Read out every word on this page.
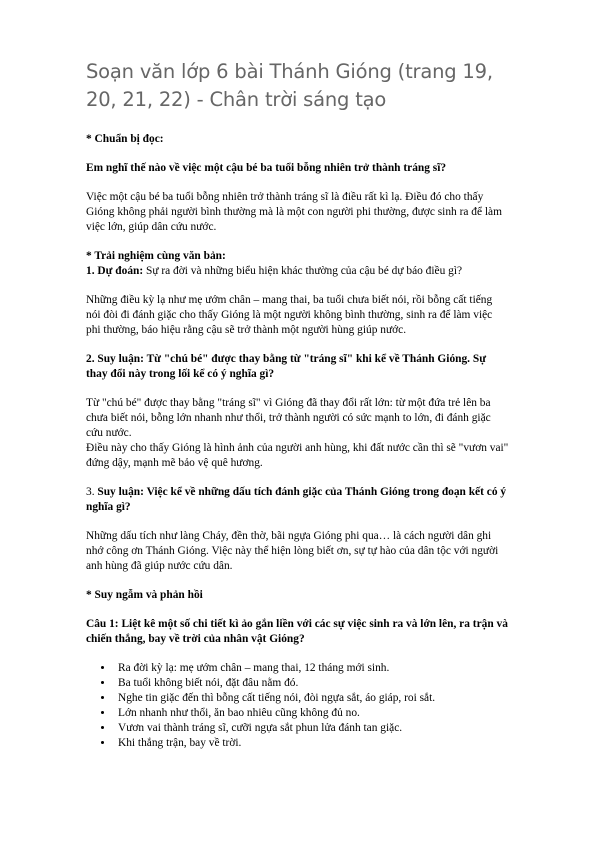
Soạn văn lớp 6 bài Thánh Gióng (trang 19, 20, 21, 22) - Chân trời sáng tạo

* Chuẩn bị đọc:

Em nghĩ thế nào về việc một cậu bé ba tuổi bỗng nhiên trở thành tráng sĩ?

Việc một cậu bé ba tuổi bỗng nhiên trở thành tráng sĩ là điều rất kì lạ. Điều đó cho thấy Gióng không phải người bình thường mà là một con người phi thường, được sinh ra để làm việc lớn, giúp dân cứu nước.

* Trải nghiệm cùng văn bản:

1. Dự đoán: Sự ra đời và những biểu hiện khác thường của cậu bé dự báo điều gì?

Những điều kỳ lạ như mẹ ướm chân – mang thai, ba tuổi chưa biết nói, rồi bỗng cất tiếng nói đòi đi đánh giặc cho thấy Gióng là một người không bình thường, sinh ra để làm việc phi thường, báo hiệu rằng cậu sẽ trở thành một người hùng giúp nước.

2. Suy luận: Từ "chú bé" được thay bằng từ "tráng sĩ" khi kể về Thánh Gióng. Sự thay đổi này trong lối kể có ý nghĩa gì?

Từ "chú bé" được thay bằng "tráng sĩ" vì Gióng đã thay đổi rất lớn: từ một đứa trẻ lên ba chưa biết nói, bỗng lớn nhanh như thổi, trở thành người có sức mạnh to lớn, đi đánh giặc cứu nước.

Điều này cho thấy Gióng là hình ảnh của người anh hùng, khi đất nước cần thì sẽ "vươn vai" đứng dậy, mạnh mẽ bảo vệ quê hương.

3. Suy luận: Việc kể về những dấu tích đánh giặc của Thánh Gióng trong đoạn kết có ý nghĩa gì?

Những dấu tích như làng Cháy, đền thờ, bãi ngựa Gióng phi qua… là cách người dân ghi nhớ công ơn Thánh Gióng. Việc này thể hiện lòng biết ơn, sự tự hào của dân tộc với người anh hùng đã giúp nước cứu dân.

* Suy ngẫm và phản hồi

Câu 1: Liệt kê một số chi tiết kì ảo gắn liền với các sự việc sinh ra và lớn lên, ra trận và chiến thắng, bay về trời của nhân vật Gióng?

• Ra đời kỳ lạ: mẹ ướm chân – mang thai, 12 tháng mới sinh.
• Ba tuổi không biết nói, đặt đâu nằm đó.
• Nghe tin giặc đến thì bỗng cất tiếng nói, đòi ngựa sắt, áo giáp, roi sắt.
• Lớn nhanh như thổi, ăn bao nhiêu cũng không đủ no.
• Vươn vai thành tráng sĩ, cưỡi ngựa sắt phun lửa đánh tan giặc.
• Khi thắng trận, bay về trời.
